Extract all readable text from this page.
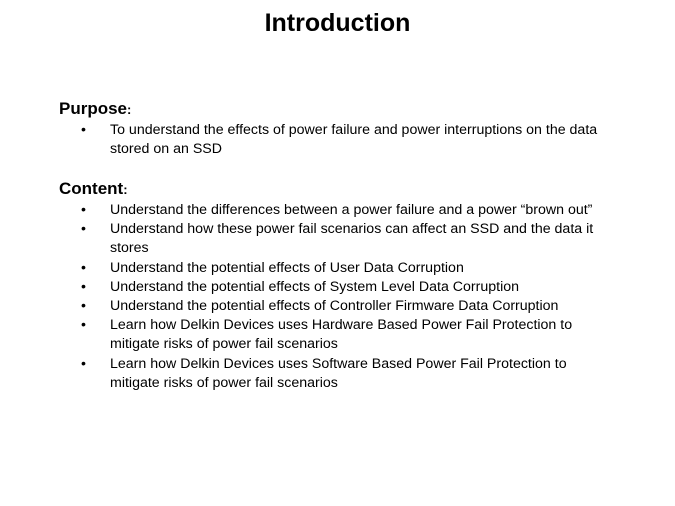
Introduction
Purpose:
• To understand the effects of power failure and power interruptions on the data stored on an SSD
Content:
• Understand the differences between a power failure and a power “brown out”
• Understand how these power fail scenarios can affect an SSD and the data it stores
• Understand the potential effects of User Data Corruption
• Understand the potential effects of System Level Data Corruption
• Understand the potential effects of Controller Firmware Data Corruption
• Learn how Delkin Devices uses Hardware Based Power Fail Protection to mitigate risks of power fail scenarios
• Learn how Delkin Devices uses Software Based Power Fail Protection to mitigate risks of power fail scenarios
